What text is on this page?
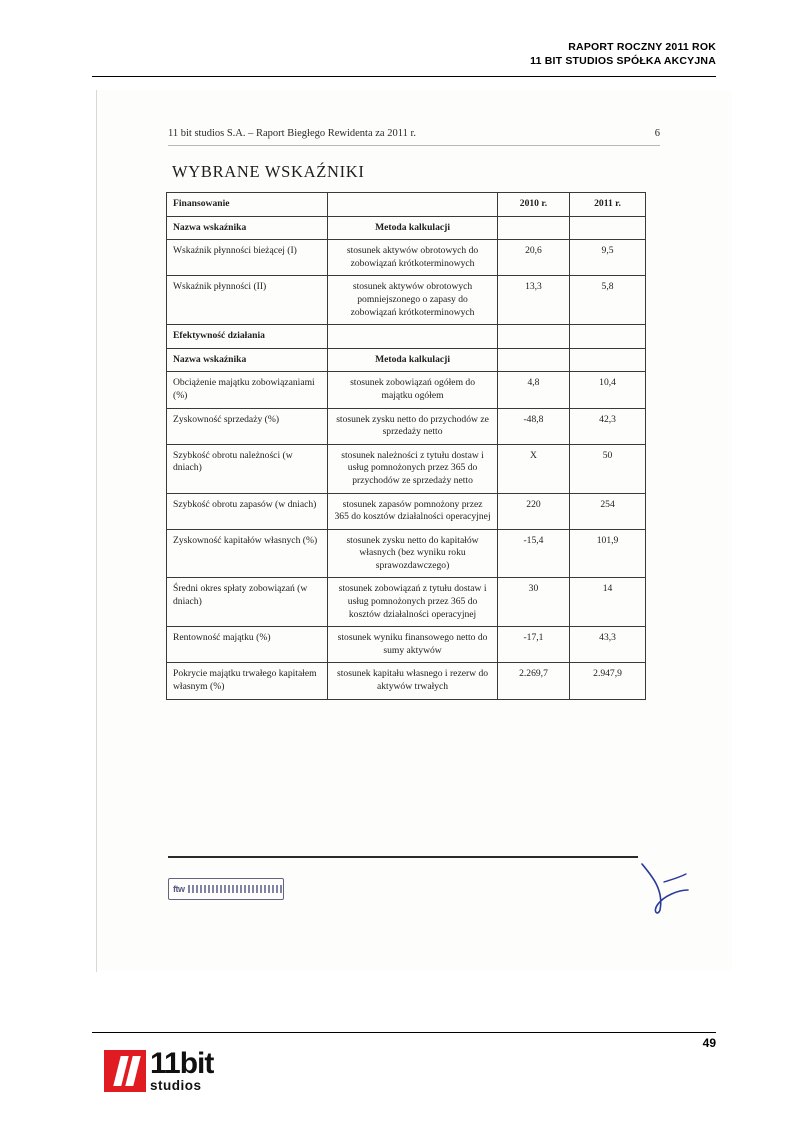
RAPORT ROCZNY 2011 ROK
11 BIT STUDIOS SPÓŁKA AKCYJNA
11 bit studios S.A. – Raport Biegłego Rewidenta za 2011 r.	6
WYBRANE WSKAŹNIKI
Finansowanie		2010 r.	2011 r.
Nazwa wskaźnika	Metoda kalkulacji		
Wskaźnik płynności bieżącej (I)	stosunek aktywów obrotowych do zobowiązań krótkoterminowych	20,6	9,5
Wskaźnik płynności (II)	stosunek aktywów obrotowych pomniejszonego o zapasy do zobowiązań krótkoterminowych	13,3	5,8
Efektywność działania			
Nazwa wskaźnika	Metoda kalkulacji		
Obciążenie majątku zobowiązaniami (%)	stosunek zobowiązań ogółem do majątku ogółem	4,8	10,4
Zyskowność sprzedaży (%)	stosunek zysku netto do przychodów ze sprzedaży netto	-48,8	42,3
Szybkość obrotu należności (w dniach)	stosunek należności z tytułu dostaw i usług pomnożonych przez 365 do przychodów ze sprzedaży netto	X	50
Szybkość obrotu zapasów (w dniach)	stosunek zapasów pomnożony przez 365 do kosztów działalności operacyjnej	220	254
Zyskowność kapitałów własnych (%)	stosunek zysku netto do kapitałów własnych (bez wyniku roku sprawozdawczego)	-15,4	101,9
Średni okres spłaty zobowiązań (w dniach)	stosunek zobowiązań z tytułu dostaw i usług pomnożonych przez 365 do kosztów działalności operacyjnej	30	14
Rentowność majątku (%)	stosunek wyniku finansowego netto do sumy aktywów	-17,1	43,3
Pokrycie majątku trwałego kapitałem własnym (%)	stosunek kapitału własnego i rezerw do aktywów trwałych	2.269,7	2.947,9
ftw
49
11bit
studios
